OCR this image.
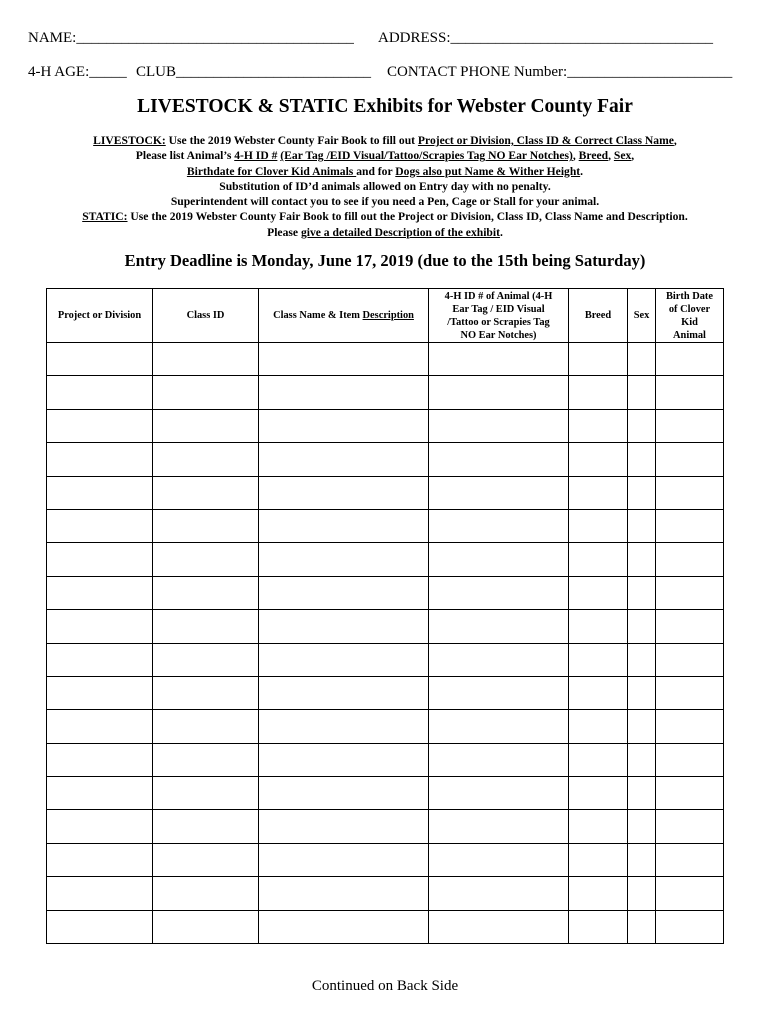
NAME:_____________________________________ ADDRESS:___________________________________
4-H AGE:_____ CLUB__________________________ CONTACT PHONE Number:______________________
LIVESTOCK & STATIC Exhibits for Webster County Fair
LIVESTOCK: Use the 2019 Webster County Fair Book to fill out Project or Division, Class ID & Correct Class Name,
Please list Animal’s 4-H ID # (Ear Tag /EID Visual/Tattoo/Scrapies Tag NO Ear Notches), Breed, Sex,
Birthdate for Clover Kid Animals and for Dogs also put Name & Wither Height.
Substitution of ID’d animals allowed on Entry day with no penalty.
Superintendent will contact you to see if you need a Pen, Cage or Stall for your animal.
STATIC: Use the 2019 Webster County Fair Book to fill out the Project or Division, Class ID, Class Name and Description.
Please give a detailed Description of the exhibit.
Entry Deadline is Monday, June 17, 2019 (due to the 15th being Saturday)
Project or Division	Class ID	Class Name & Item Description	4-H ID # of Animal (4-H
Ear Tag / EID Visual
/Tattoo or Scrapies Tag
NO Ear Notches)	Breed	Sex	Birth Date
of Clover
Kid
Animal

Continued on Back Side
